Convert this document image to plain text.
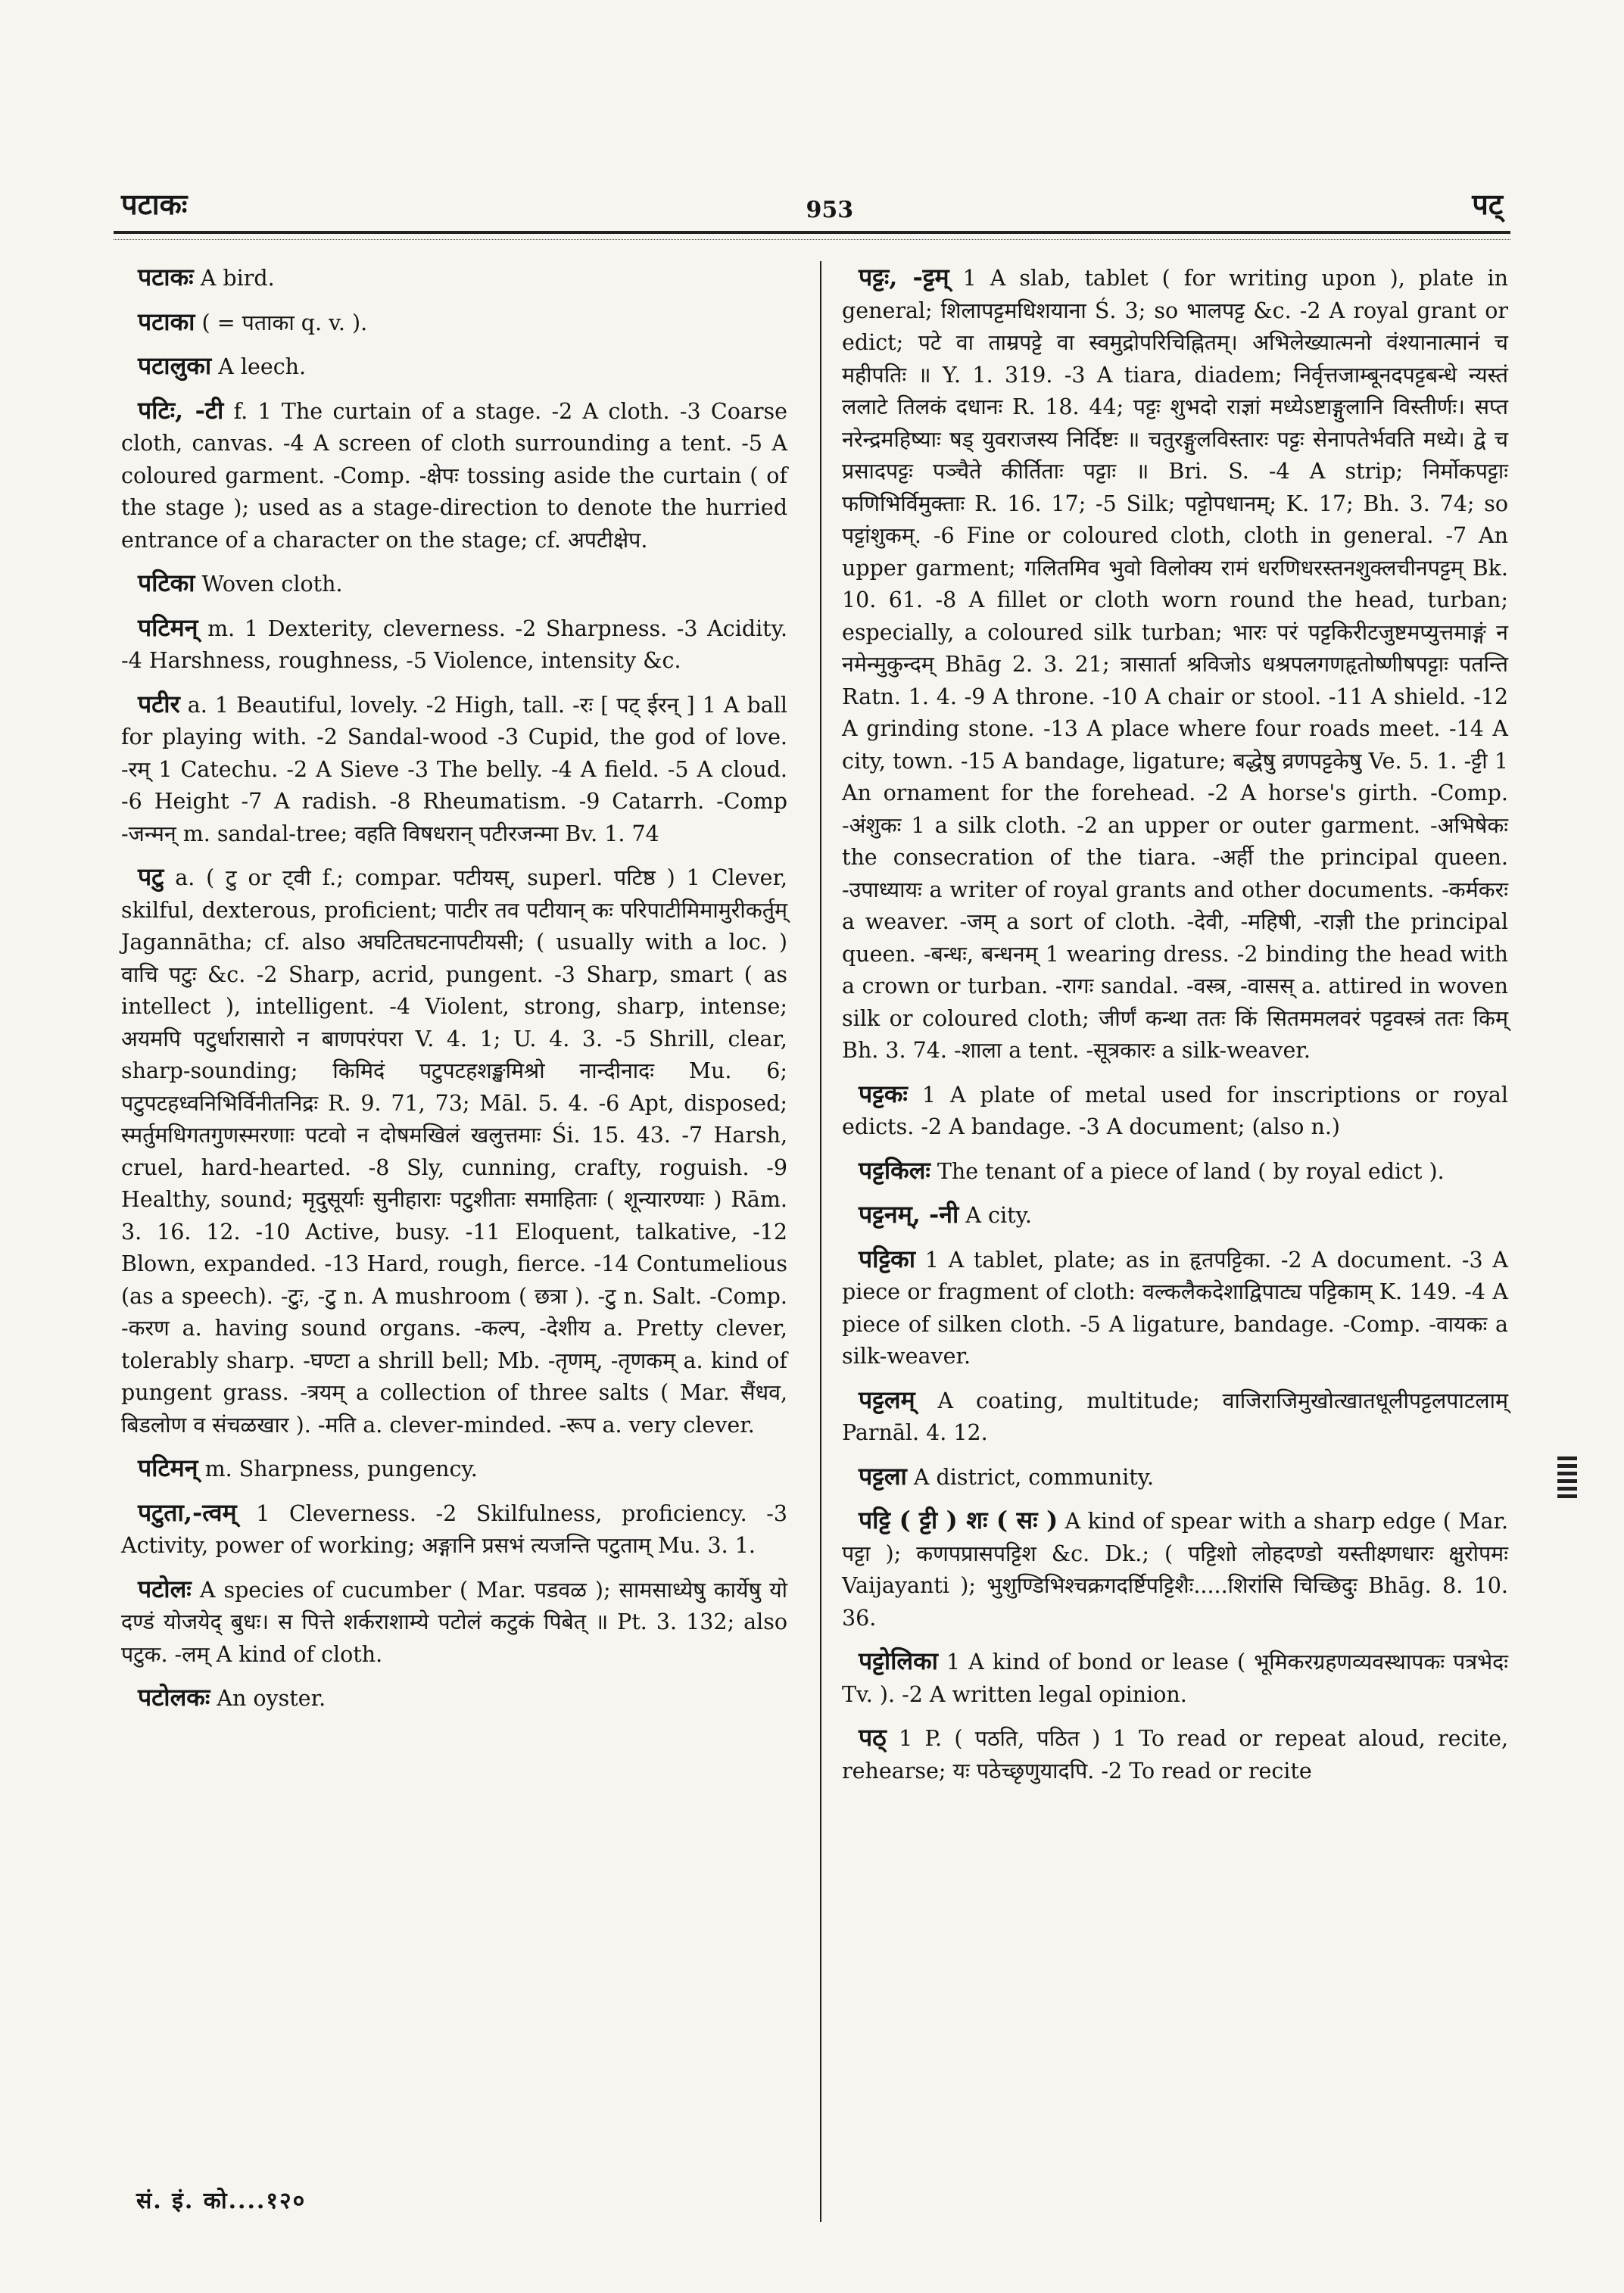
पटाकः	953	पट्

पटाकः A bird.

पटाका ( = पताका q. v. ).

पटालुका A leech.

पटिः, -टी f. 1 The curtain of a stage. -2 A cloth. -3 Coarse cloth, canvas. -4 A screen of cloth surrounding a tent. -5 A coloured garment. -Comp. -क्षेपः tossing aside the curtain ( of the stage ); used as a stage-direction to denote the hurried entrance of a character on the stage; cf. अपटीक्षेप.

पटिका Woven cloth.

पटिमन् m. 1 Dexterity, cleverness. -2 Sharpness. -3 Acidity. -4 Harshness, roughness, -5 Violence, intensity &c.

पटीर a. 1 Beautiful, lovely. -2 High, tall. -रः [ पट् ईरन् ] 1 A ball for playing with. -2 Sandal-wood -3 Cupid, the god of love. -रम् 1 Catechu. -2 A Sieve -3 The belly. -4 A field. -5 A cloud. -6 Height -7 A radish. -8 Rheumatism. -9 Catarrh. -Comp -जन्मन् m. sandal-tree; वहति विषधरान् पटीरजन्मा Bv. 1. 74

पटु a. ( टु or ट्वी f.; compar. पटीयस्, superl. पटिष्ठ ) 1 Clever, skilful, dexterous, proficient; पाटीर तव पटीयान् कः परिपाटीमिमामुरीकर्तुम् Jagannātha; cf. also अघटितघटनापटीयसी; ( usually with a loc. ) वाचि पटुः &c. -2 Sharp, acrid, pungent. -3 Sharp, smart ( as intellect ), intelligent. -4 Violent, strong, sharp, intense; अयमपि पटुर्धारासारो न बाणपरंपरा V. 4. 1; U. 4. 3. -5 Shrill, clear, sharp-sounding; किमिदं पटुपटहशङ्खमिश्रो नान्दीनादः Mu. 6; पटुपटहध्वनिभिर्विनीतनिद्रः R. 9. 71, 73; Māl. 5. 4. -6 Apt, disposed; स्मर्तुमधिगतगुणस्मरणाः पटवो न दोषमखिलं खलुत्तमाः Śi. 15. 43. -7 Harsh, cruel, hard-hearted. -8 Sly, cunning, crafty, roguish. -9 Healthy, sound; मृदुसूर्याः सुनीहाराः पटुशीताः समाहिताः ( शून्यारण्याः ) Rām. 3. 16. 12. -10 Active, busy. -11 Eloquent, talkative, -12 Blown, expanded. -13 Hard, rough, fierce. -14 Contumelious (as a speech). -टुः, -टु n. A mushroom ( छत्रा ). -टु n. Salt. -Comp. -करण a. having sound organs. -कल्प, -देशीय a. Pretty clever, tolerably sharp. -घण्टा a shrill bell; Mb. -तृणम्, -तृणकम् a. kind of pungent grass. -त्रयम् a collection of three salts ( Mar. सैंधव, बिडलोण व संचळखार ). -मति a. clever-minded. -रूप a. very clever.

पटिमन् m. Sharpness, pungency.

पटुता,-त्वम् 1 Cleverness. -2 Skilfulness, proficiency. -3 Activity, power of working; अङ्गानि प्रसभं त्यजन्ति पटुताम् Mu. 3. 1.

पटोलः A species of cucumber ( Mar. पडवळ ); सामसाध्येषु कार्येषु यो दण्डं योजयेद् बुधः। स पित्ते शर्कराशाम्ये पटोलं कटुकं पिबेत् ॥ Pt. 3. 132; also पटुक. -लम् A kind of cloth.

पटोलकः An oyster.

पट्टः, -ट्टम् 1 A slab, tablet ( for writing upon ), plate in general; शिलापट्टमधिशयाना Ś. 3; so भालपट्ट &c. -2 A royal grant or edict; पटे वा ताम्रपट्टे वा स्वमुद्रोपरिचिह्नितम्। अभिलेख्यात्मनो वंश्यानात्मानं च महीपतिः ॥ Y. 1. 319. -3 A tiara, diadem; निर्वृत्तजाम्बूनदपट्टबन्धे न्यस्तं ललाटे तिलकं दधानः R. 18. 44; पट्टः शुभदो राज्ञां मध्येऽष्टाङ्गुलानि विस्तीर्णः। सप्त नरेन्द्रमहिष्याः षड् युवराजस्य निर्दिष्टः ॥ चतुरङ्गुलविस्तारः पट्टः सेनापतेर्भवति मध्ये। द्वे च प्रसादपट्टः पञ्चैते कीर्तिताः पट्टाः ॥ Bri. S. -4 A strip; निर्मोकपट्टाः फणिभिर्विमुक्ताः R. 16. 17; -5 Silk; पट्टोपधानम्; K. 17; Bh. 3. 74; so पट्टांशुकम्. -6 Fine or coloured cloth, cloth in general. -7 An upper garment; गलितमिव भुवो विलोक्य रामं धरणिधरस्तनशुक्लचीनपट्टम् Bk. 10. 61. -8 A fillet or cloth worn round the head, turban; especially, a coloured silk turban; भारः परं पट्टकिरीटजुष्टमप्युत्तमाङ्गं न नमेन्मुकुन्दम् Bhāg 2. 3. 21; त्रासार्ता श्रविजोऽ धश्रपलगणहृतोष्णीषपट्टाः पतन्ति Ratn. 1. 4. -9 A throne. -10 A chair or stool. -11 A shield. -12 A grinding stone. -13 A place where four roads meet. -14 A city, town. -15 A bandage, ligature; बद्धेषु व्रणपट्टकेषु Ve. 5. 1. -ट्टी 1 An ornament for the forehead. -2 A horse's girth. -Comp. -अंशुकः 1 a silk cloth. -2 an upper or outer garment. -अभिषेकः the consecration of the tiara. -अर्ही the principal queen. -उपाध्यायः a writer of royal grants and other documents. -कर्मकरः a weaver. -जम् a sort of cloth. -देवी, -महिषी, -राज्ञी the principal queen. -बन्धः, बन्धनम् 1 wearing dress. -2 binding the head with a crown or turban. -रागः sandal. -वस्त्र, -वासस् a. attired in woven silk or coloured cloth; जीर्णं कन्था ततः किं सितममलवरं पट्टवस्त्रं ततः किम् Bh. 3. 74. -शाला a tent. -सूत्रकारः a silk-weaver.

पट्टकः 1 A plate of metal used for inscriptions or royal edicts. -2 A bandage. -3 A document; (also n.)

पट्टकिलः The tenant of a piece of land ( by royal edict ).

पट्टनम्, -नी A city.

पट्टिका 1 A tablet, plate; as in हृतपट्टिका. -2 A document. -3 A piece or fragment of cloth: वल्कलैकदेशाद्विपाट्य पट्टिकाम् K. 149. -4 A piece of silken cloth. -5 A ligature, bandage. -Comp. -वायकः a silk-weaver.

पट्टलम् A coating, multitude; वाजिराजिमुखोत्खातधूलीपट्टलपाटलाम् Parnāl. 4. 12.

पट्टला A district, community.

पट्टि ( ट्टी ) शः ( सः ) A kind of spear with a sharp edge ( Mar. पट्टा ); कणपप्रासपट्टिश &c. Dk.; ( पट्टिशो लोहदण्डो यस्तीक्ष्णधारः क्षुरोपमः Vaijayanti ); भुशुण्डिभिश्चक्रगदर्ष्टिपट्टिशैः.....शिरांसि चिच्छिदुः Bhāg. 8. 10. 36.

पट्टोलिका 1 A kind of bond or lease ( भूमिकरग्रहणव्यवस्थापकः पत्रभेदः Tv. ). -2 A written legal opinion.

पठ् 1 P. ( पठति, पठित ) 1 To read or repeat aloud, recite, rehearse; यः पठेच्छृणुयादपि. -2 To read or recite

सं. इं. को....१२०
